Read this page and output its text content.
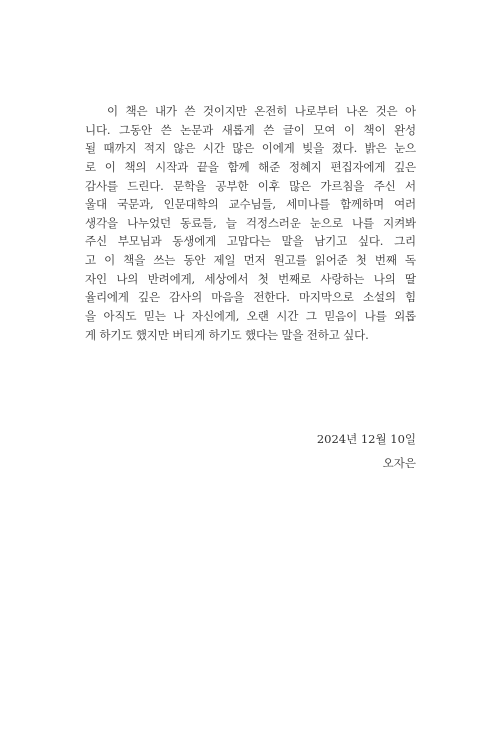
이 책은 내가 쓴 것이지만 온전히 나로부터 나온 것은 아
니다. 그동안 쓴 논문과 새롭게 쓴 글이 모여 이 책이 완성
될 때까지 적지 않은 시간 많은 이에게 빚을 졌다. 밝은 눈으
로 이 책의 시작과 끝을 함께 해준 정혜지 편집자에게 깊은
감사를 드린다. 문학을 공부한 이후 많은 가르침을 주신 서
울대 국문과, 인문대학의 교수님들, 세미나를 함께하며 여러
생각을 나누었던 동료들, 늘 걱정스러운 눈으로 나를 지켜봐
주신 부모님과 동생에게 고맙다는 말을 남기고 싶다. 그리
고 이 책을 쓰는 동안 제일 먼저 원고를 읽어준 첫 번째 독
자인 나의 반려에게, 세상에서 첫 번째로 사랑하는 나의 딸
율리에게 깊은 감사의 마음을 전한다. 마지막으로 소설의 힘
을 아직도 믿는 나 자신에게, 오랜 시간 그 믿음이 나를 외롭
게 하기도 했지만 버티게 하기도 했다는 말을 전하고 싶다.
2024년 12월 10일
오자은
